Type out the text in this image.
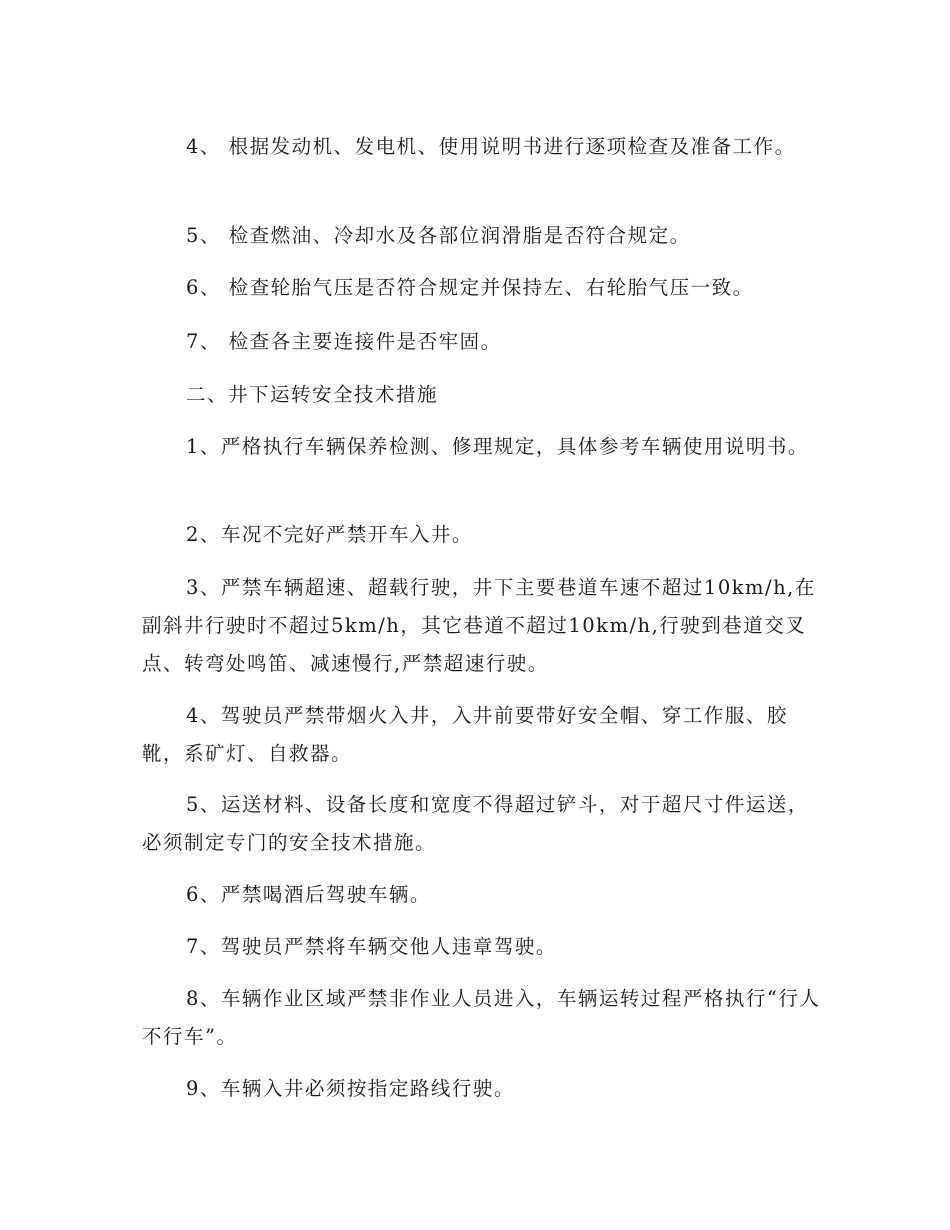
4、 根据发动机、发电机、使用说明书进行逐项检查及准备工作。

5、 检查燃油、冷却水及各部位润滑脂是否符合规定。

6、 检查轮胎气压是否符合规定并保持左、右轮胎气压一致。

7、 检查各主要连接件是否牢固。

二、井下运转安全技术措施

1、严格执行车辆保养检测、修理规定，具体参考车辆使用说明书。

2、车况不完好严禁开车入井。

3、严禁车辆超速、超载行驶，井下主要巷道车速不超过10km/h,在副斜井行驶时不超过5km/h，其它巷道不超过10km/h,行驶到巷道交叉点、转弯处鸣笛、减速慢行,严禁超速行驶。

4、驾驶员严禁带烟火入井，入井前要带好安全帽、穿工作服、胶靴，系矿灯、自救器。

5、运送材料、设备长度和宽度不得超过铲斗，对于超尺寸件运送，必须制定专门的安全技术措施。

6、严禁喝酒后驾驶车辆。

7、驾驶员严禁将车辆交他人违章驾驶。

8、车辆作业区域严禁非作业人员进入，车辆运转过程严格执行“行人不行车”。

9、车辆入井必须按指定路线行驶。
